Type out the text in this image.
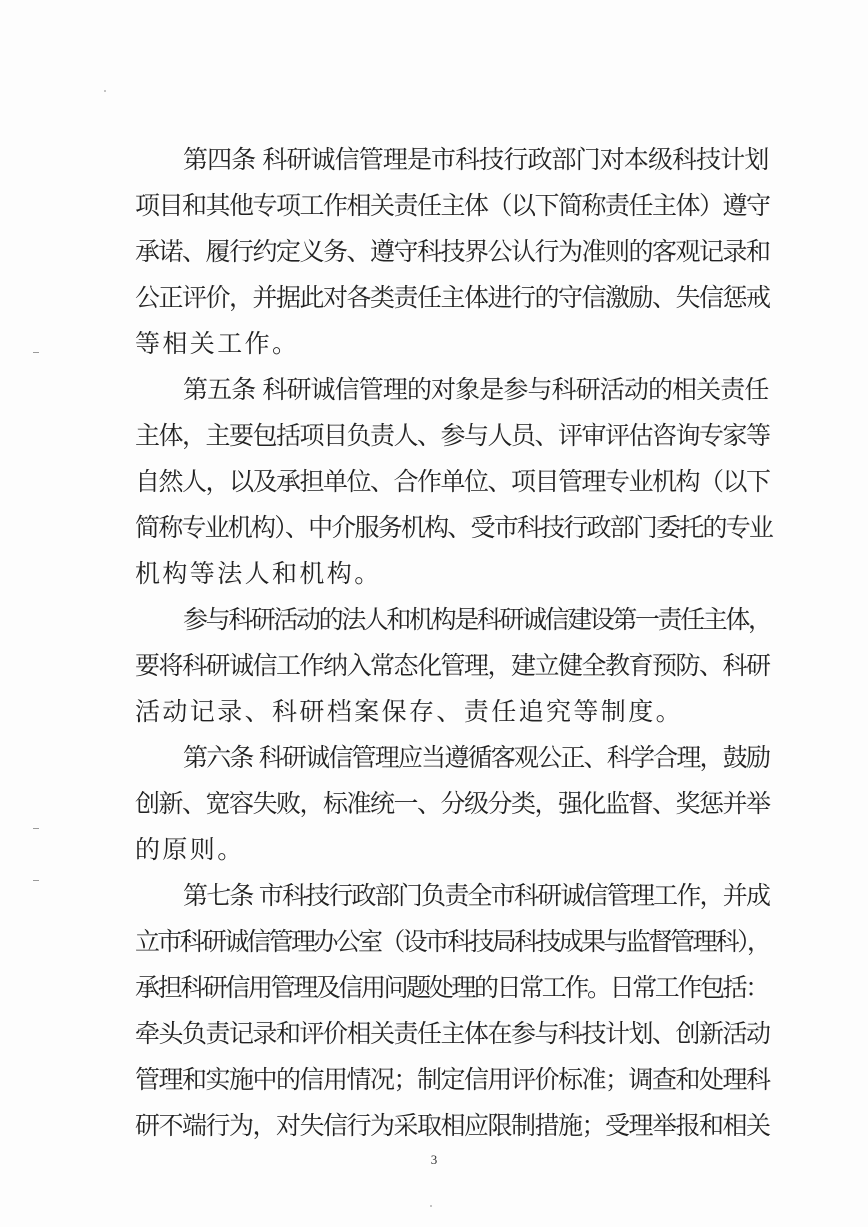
第四条 科研诚信管理是市科技行政部门对本级科技计划
项目和其他专项工作相关责任主体（以下简称责任主体）遵守
承诺、履行约定义务、遵守科技界公认行为准则的客观记录和
公正评价，并据此对各类责任主体进行的守信激励、失信惩戒
等相关工作。
第五条 科研诚信管理的对象是参与科研活动的相关责任
主体，主要包括项目负责人、参与人员、评审评估咨询专家等
自然人，以及承担单位、合作单位、项目管理专业机构（以下
简称专业机构）、中介服务机构、受市科技行政部门委托的专业
机构等法人和机构。
参与科研活动的法人和机构是科研诚信建设第一责任主体，
要将科研诚信工作纳入常态化管理，建立健全教育预防、科研
活动记录、科研档案保存、责任追究等制度。
第六条 科研诚信管理应当遵循客观公正、科学合理，鼓励
创新、宽容失败，标准统一、分级分类，强化监督、奖惩并举
的原则。
第七条 市科技行政部门负责全市科研诚信管理工作，并成
立市科研诚信管理办公室（设市科技局科技成果与监督管理科），
承担科研信用管理及信用问题处理的日常工作。日常工作包括：
牵头负责记录和评价相关责任主体在参与科技计划、创新活动
管理和实施中的信用情况；制定信用评价标准；调查和处理科
研不端行为，对失信行为采取相应限制措施；受理举报和相关
3
